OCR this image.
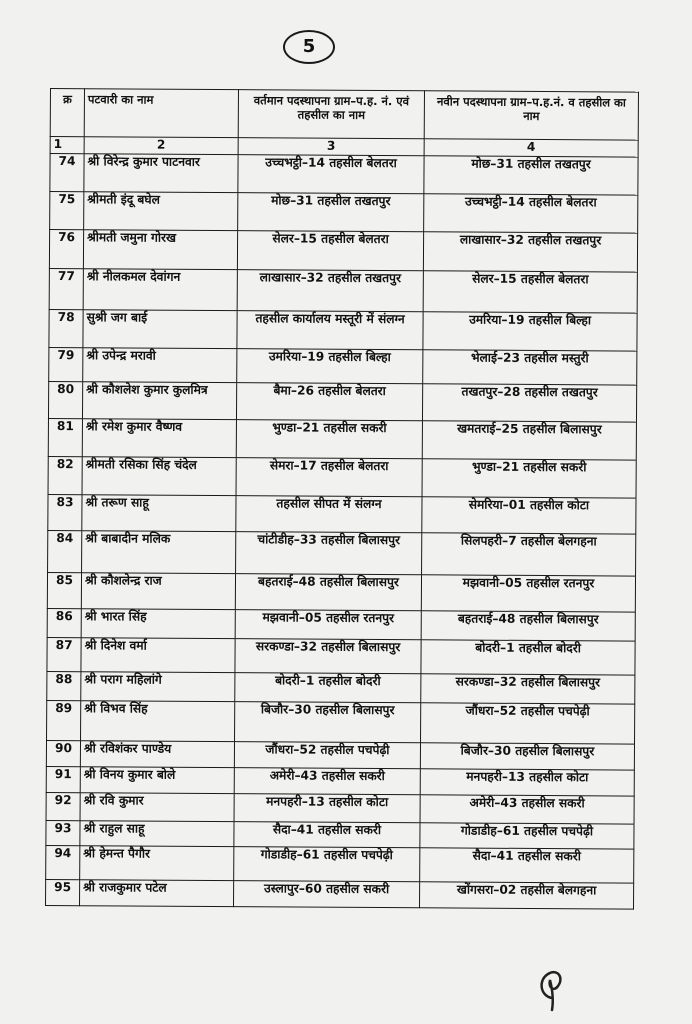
5
क्र	पटवारी का नाम	वर्तमान पदस्थापना ग्राम–प.ह. नं. एवं तहसील का नाम	नवीन पदस्थापना ग्राम–प.ह.नं. व तहसील का नाम
1	2	3	4
74	श्री विरेन्द्र कुमार पाटनवार	उच्चभट्ठी–14 तहसील बेलतरा	मोछ–31 तहसील तखतपुर
75	श्रीमती इंदू बघेल	मोछ–31 तहसील तखतपुर	उच्चभट्ठी–14 तहसील बेलतरा
76	श्रीमती जमुना गोरख	सेलर–15 तहसील बेलतरा	लाखासार–32 तहसील तखतपुर
77	श्री नीलकमल देवांगन	लाखासार–32 तहसील तखतपुर	सेलर–15 तहसील बेलतरा
78	सुश्री जग बाई	तहसील कार्यालय मस्तूरी में संलग्न	उमरिया–19 तहसील बिल्हा
79	श्री उपेन्द्र मरावी	उमरिया–19 तहसील बिल्हा	भेलाई–23 तहसील मस्तुरी
80	श्री कौशलेश कुमार कुलमित्र	बैमा–26 तहसील बेलतरा	तखतपुर–28 तहसील तखतपुर
81	श्री रमेश कुमार वैष्णव	भुण्डा–21 तहसील सकरी	खमतराई–25 तहसील बिलासपुर
82	श्रीमती रसिका सिंह चंदेल	सेमरा–17 तहसील बेलतरा	भुण्डा–21 तहसील सकरी
83	श्री तरूण साहू	तहसील सीपत में संलग्न	सेमरिया–01 तहसील कोटा
84	श्री बाबादीन मलिक	चांटीडीह–33 तहसील बिलासपुर	सिलपहरी–7 तहसील बेलगहना
85	श्री कौशलेन्द्र राज	बहतराई–48 तहसील बिलासपुर	मझवानी–05 तहसील रतनपुर
86	श्री भारत सिंह	मझवानी–05 तहसील रतनपुर	बहतराई–48 तहसील बिलासपुर
87	श्री दिनेश वर्मा	सरकण्डा–32 तहसील बिलासपुर	बोदरी–1 तहसील बोदरी
88	श्री पराग महिलांगे	बोदरी–1 तहसील बोदरी	सरकण्डा–32 तहसील बिलासपुर
89	श्री विभव सिंह	बिजौर–30 तहसील बिलासपुर	जौंधरा–52 तहसील पचपेढ़ी
90	श्री रविशंकर पाण्डेय	जौंधरा–52 तहसील पचपेढ़ी	बिजौर–30 तहसील बिलासपुर
91	श्री विनय कुमार बोले	अमेरी–43 तहसील सकरी	मनपहरी–13 तहसील कोटा
92	श्री रवि कुमार	मनपहरी–13 तहसील कोटा	अमेरी–43 तहसील सकरी
93	श्री राहुल साहू	सैदा–41 तहसील सकरी	गोडाडीह–61 तहसील पचपेढ़ी
94	श्री हेमन्त पैगौर	गोडाडीह–61 तहसील पचपेढ़ी	सैदा–41 तहसील सकरी
95	श्री राजकुमार पटेल	उस्लापुर–60 तहसील सकरी	खोंगसरा–02 तहसील बेलगहना
